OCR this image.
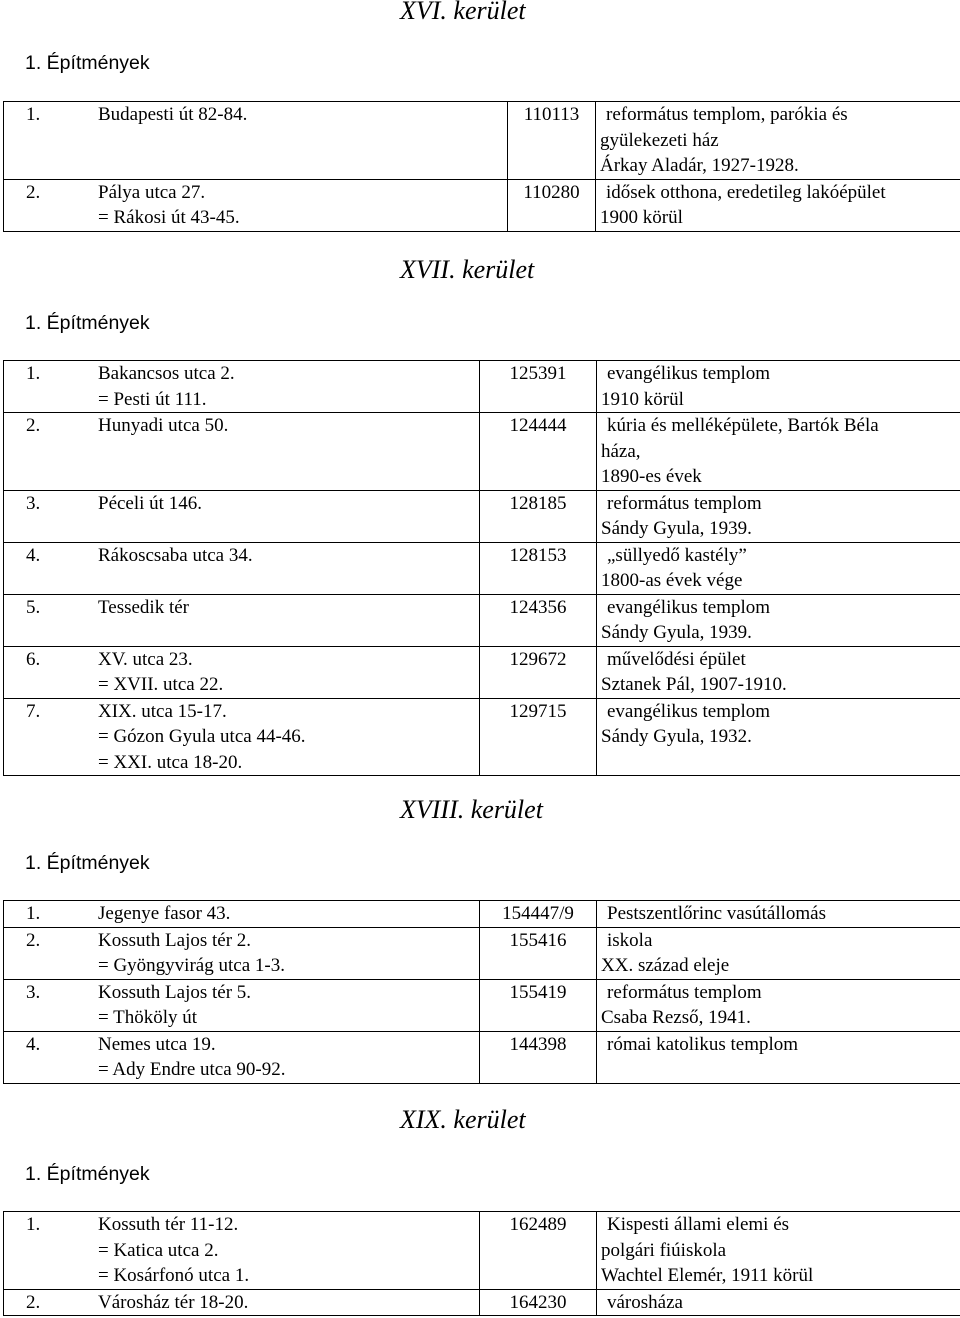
XVI. kerület
1. Építmények
1. Budapesti út 82-84.	110113	református templom, parókia és
gyülekezeti ház
Árkay Aladár, 1927-1928.

2. Pálya utca 27.
= Rákosi út 43-45.	110280	idősek otthona, eredetileg lakóépület
1900 körül
XVII. kerület
1. Építmények
1. Bakancsos utca 2.
= Pesti út 111.	125391	evangélikus templom
1910 körül

2. Hunyadi utca 50.	124444	kúria és melléképülete, Bartók Béla
háza,
1890-es évek

3. Péceli út 146.	128185	református templom
Sándy Gyula, 1939.

4. Rákoscsaba utca 34.	128153	„süllyedő kastély”
1800-as évek vége

5. Tessedik tér	124356	evangélikus templom
Sándy Gyula, 1939.

6. XV. utca 23.
= XVII. utca 22.	129672	művelődési épület
Sztanek Pál, 1907-1910.

7. XIX. utca 15-17.
= Gózon Gyula utca 44-46.
= XXI. utca 18-20.	129715	evangélikus templom
Sándy Gyula, 1932.
XVIII. kerület
1. Építmények
1. Jegenye fasor 43.	154447/9	Pestszentlőrinc vasútállomás

2. Kossuth Lajos tér 2.
= Gyöngyvirág utca 1-3.	155416	iskola
XX. század eleje

3. Kossuth Lajos tér 5.
= Thököly út	155419	református templom
Csaba Rezső, 1941.

4. Nemes utca 19.
= Ady Endre utca 90-92.	144398	római katolikus templom
XIX. kerület
1. Építmények
1. Kossuth tér 11-12.
= Katica utca 2.
= Kosárfonó utca 1.	162489	Kispesti állami elemi és
polgári fiúiskola
Wachtel Elemér, 1911 körül

2. Városház tér 18-20.	164230	városháza
